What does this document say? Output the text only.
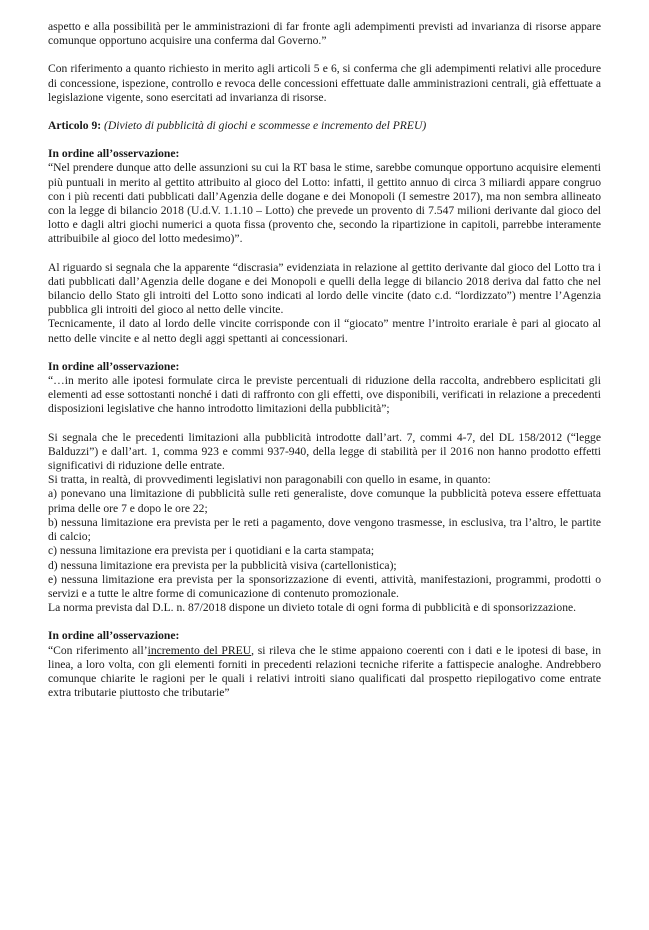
aspetto e alla possibilità per le amministrazioni di far fronte agli adempimenti previsti ad invarianza di risorse appare comunque opportuno acquisire una conferma dal Governo.”

Con riferimento a quanto richiesto in merito agli articoli 5 e 6, si conferma che gli adempimenti relativi alle procedure di concessione, ispezione, controllo e revoca delle concessioni effettuate dalle amministrazioni centrali, già effettuate a legislazione vigente, sono esercitati ad invarianza di risorse.

Articolo 9: (Divieto di pubblicità di giochi e scommesse e incremento del PREU)

In ordine all’osservazione:

“Nel prendere dunque atto delle assunzioni su cui la RT basa le stime, sarebbe comunque opportuno acquisire elementi più puntuali in merito al gettito attribuito al gioco del Lotto: infatti, il gettito annuo di circa 3 miliardi appare congruo con i più recenti dati pubblicati dall’Agenzia delle dogane e dei Monopoli (I semestre 2017), ma non sembra allineato con la legge di bilancio 2018 (U.d.V. 1.1.10 – Lotto) che prevede un provento di 7.547 milioni derivante dal gioco del lotto e dagli altri giochi numerici a quota fissa (provento che, secondo la ripartizione in capitoli, parrebbe interamente attribuibile al gioco del lotto medesimo)”.

Al riguardo si segnala che la apparente “discrasia” evidenziata in relazione al gettito derivante dal gioco del Lotto tra i dati pubblicati dall’Agenzia delle dogane e dei Monopoli e quelli della legge di bilancio 2018 deriva dal fatto che nel bilancio dello Stato gli introiti del Lotto sono indicati al lordo delle vincite (dato c.d. “lordizzato”) mentre l’Agenzia pubblica gli introiti del gioco al netto delle vincite.

Tecnicamente, il dato al lordo delle vincite corrisponde con il “giocato” mentre l’introito erariale è pari al giocato al netto delle vincite e al netto degli aggi spettanti ai concessionari.

In ordine all’osservazione:

“…in merito alle ipotesi formulate circa le previste percentuali di riduzione della raccolta, andrebbero esplicitati gli elementi ad esse sottostanti nonché i dati di raffronto con gli effetti, ove disponibili, verificati in relazione a precedenti disposizioni legislative che hanno introdotto limitazioni della pubblicità”;

Si segnala che le precedenti limitazioni alla pubblicità introdotte dall’art. 7, commi 4-7, del DL 158/2012 (“legge Balduzzi”) e dall’art. 1, comma 923 e commi 937-940, della legge di stabilità per il 2016 non hanno prodotto effetti significativi di riduzione delle entrate.

Si tratta, in realtà, di provvedimenti legislativi non paragonabili con quello in esame, in quanto:

a) ponevano una limitazione di pubblicità sulle reti generaliste, dove comunque la pubblicità poteva essere effettuata prima delle ore 7 e dopo le ore 22;

b) nessuna limitazione era prevista per le reti a pagamento, dove vengono trasmesse, in esclusiva, tra l’altro, le partite di calcio;

c) nessuna limitazione era prevista per i quotidiani e la carta stampata;

d) nessuna limitazione era prevista per la pubblicità visiva (cartellonistica);

e) nessuna limitazione era prevista per la sponsorizzazione di eventi, attività, manifestazioni, programmi, prodotti o servizi e a tutte le altre forme di comunicazione di contenuto promozionale.

La norma prevista dal D.L. n. 87/2018 dispone un divieto totale di ogni forma di pubblicità e di sponsorizzazione.

In ordine all’osservazione:

“Con riferimento all’incremento del PREU, si rileva che le stime appaiono coerenti con i dati e le ipotesi di base, in linea, a loro volta, con gli elementi forniti in precedenti relazioni tecniche riferite a fattispecie analoghe. Andrebbero comunque chiarite le ragioni per le quali i relativi introiti siano qualificati dal prospetto riepilogativo come entrate extra tributarie piuttosto che tributarie”
